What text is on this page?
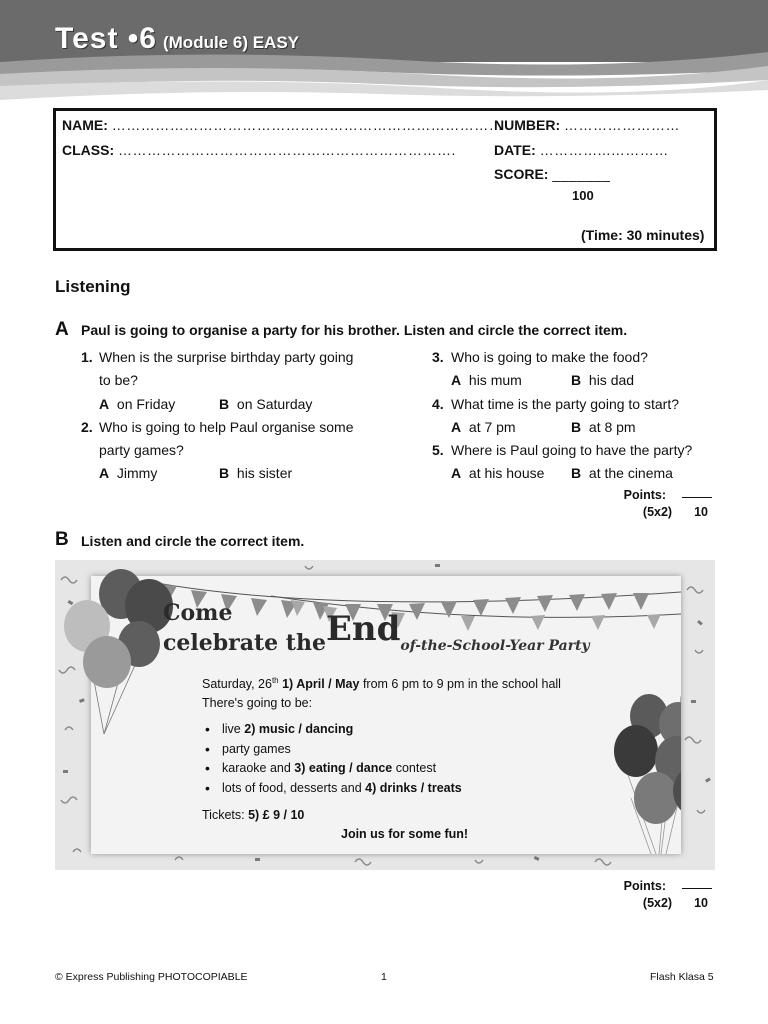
Test •6 (Module 6) EASY
NAME: ………………………………………………………………………
NUMBER: ……………………
CLASS: …………………………………………………………….	DATE: …………...…………
SCORE: _______
100
(Time: 30 minutes)
Listening
A Paul is going to organise a party for his brother. Listen and circle the correct item.
1. When is the surprise birthday party going
to be?
A on Friday	B on Saturday
2. Who is going to help Paul organise some
party games?
A Jimmy	B his sister
3. Who is going to make the food?
A his mum	B his dad
4. What time is the party going to start?
A at 7 pm	B at 8 pm
5. Where is Paul going to have the party?
A at his house B at the cinema
Points:
(5x2) 10
B Listen and circle the correct item.
Come
celebrate theEndof-the-School-Year Party
Saturday, 26th 1) April / May from 6 pm to 9 pm in the school hall
There's going to be:
• live 2) music / dancing
• party games
• karaoke and 3) eating / dance contest
• lots of food, desserts and 4) drinks / treats
Tickets: 5) £ 9 / 10
Join us for some fun!
Points:
(5x2) 10
© Express Publishing PHOTOCOPIABLE	1	Flash Klasa 5
